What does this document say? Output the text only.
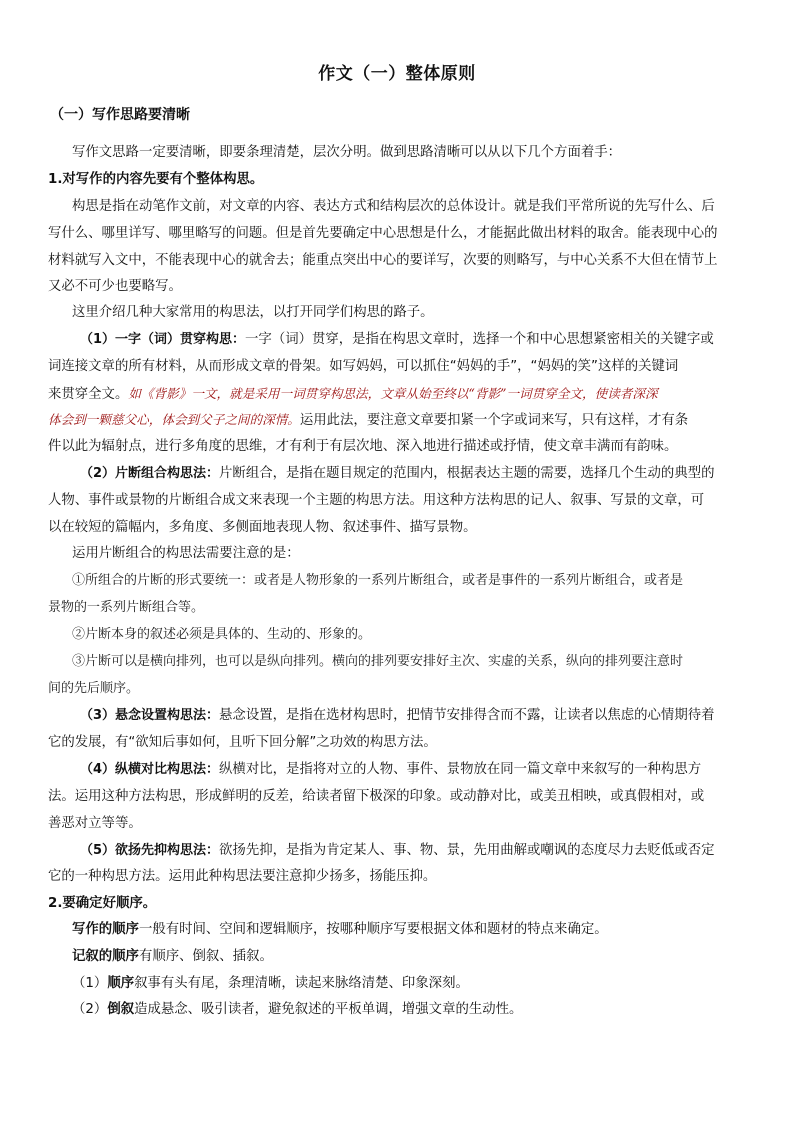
作文（一）整体原则
（一）写作思路要清晰
写作文思路一定要清晰，即要条理清楚，层次分明。做到思路清晰可以从以下几个方面着手：
1.对写作的内容先要有个整体构思。
构思是指在动笔作文前，对文章的内容、表达方式和结构层次的总体设计。就是我们平常所说的先写什么、后
写什么、哪里详写、哪里略写的问题。但是首先要确定中心思想是什么，才能据此做出材料的取舍。能表现中心的
材料就写入文中，不能表现中心的就舍去；能重点突出中心的要详写，次要的则略写，与中心关系不大但在情节上
又必不可少也要略写。
这里介绍几种大家常用的构思法，以打开同学们构思的路子。
（1）一字（词）贯穿构思：一字（词）贯穿，是指在构思文章时，选择一个和中心思想紧密相关的关键字或
词连接文章的所有材料，从而形成文章的骨架。如写妈妈，可以抓住“妈妈的手”，“妈妈的笑”这样的关键词
来贯穿全文。如《背影》一文，就是采用一词贯穿构思法，文章从始至终以“背影”一词贯穿全文，使读者深深
体会到一颗慈父心，体会到父子之间的深情。运用此法，要注意文章要扣紧一个字或词来写，只有这样，才有条
件以此为辐射点，进行多角度的思维，才有利于有层次地、深入地进行描述或抒情，使文章丰满而有韵味。
（2）片断组合构思法：片断组合，是指在题目规定的范围内，根据表达主题的需要，选择几个生动的典型的
人物、事件或景物的片断组合成文来表现一个主题的构思方法。用这种方法构思的记人、叙事、写景的文章，可
以在较短的篇幅内，多角度、多侧面地表现人物、叙述事件、描写景物。
运用片断组合的构思法需要注意的是：
①所组合的片断的形式要统一：或者是人物形象的一系列片断组合，或者是事件的一系列片断组合，或者是
景物的一系列片断组合等。
②片断本身的叙述必须是具体的、生动的、形象的。
③片断可以是横向排列，也可以是纵向排列。横向的排列要安排好主次、实虚的关系，纵向的排列要注意时
间的先后顺序。
（3）悬念设置构思法：悬念设置，是指在选材构思时，把情节安排得含而不露，让读者以焦虑的心情期待着
它的发展，有“欲知后事如何，且听下回分解”之功效的构思方法。
（4）纵横对比构思法：纵横对比，是指将对立的人物、事件、景物放在同一篇文章中来叙写的一种构思方
法。运用这种方法构思，形成鲜明的反差，给读者留下极深的印象。或动静对比，或美丑相映，或真假相对，或
善恶对立等等。
（5）欲扬先抑构思法：欲扬先抑，是指为肯定某人、事、物、景，先用曲解或嘲讽的态度尽力去贬低或否定
它的一种构思方法。运用此种构思法要注意抑少扬多，扬能压抑。
2.要确定好顺序。
写作的顺序一般有时间、空间和逻辑顺序，按哪种顺序写要根据文体和题材的特点来确定。
记叙的顺序有顺序、倒叙、插叙。
（1）顺序叙事有头有尾，条理清晰，读起来脉络清楚、印象深刻。
（2）倒叙造成悬念、吸引读者，避免叙述的平板单调，增强文章的生动性。
